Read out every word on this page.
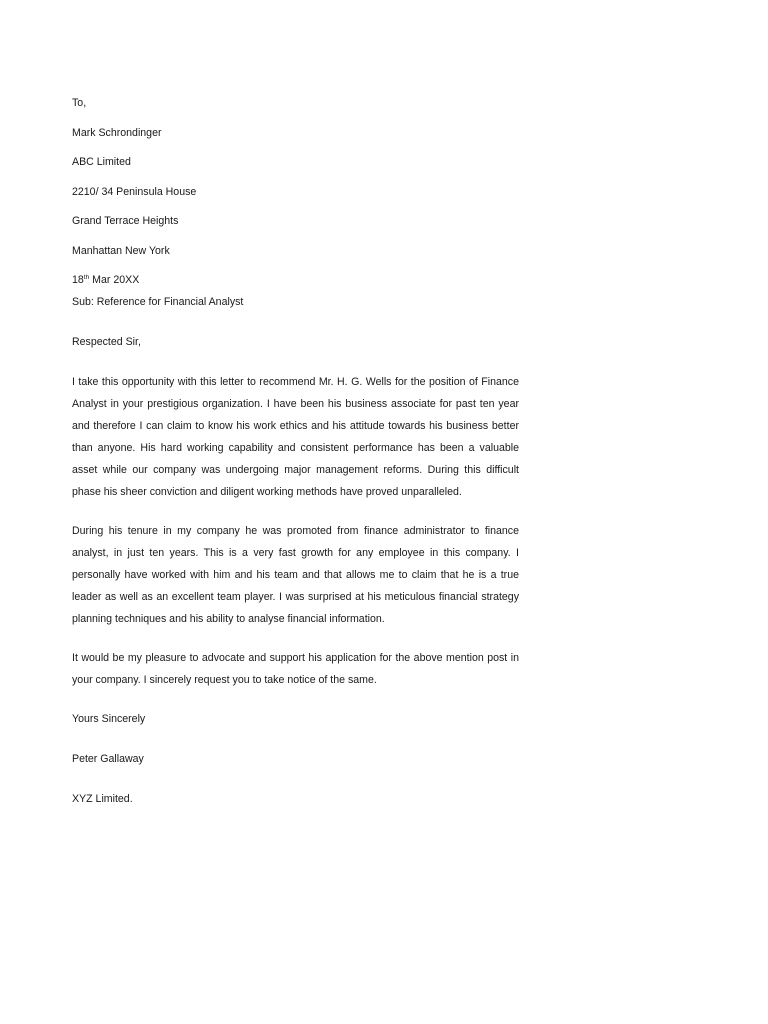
To,

Mark Schrondinger

ABC Limited

2210/ 34 Peninsula House

Grand Terrace Heights

Manhattan New York

18th Mar 20XX

Sub: Reference for Financial Analyst

Respected Sir,

I take this opportunity with this letter to recommend Mr. H. G. Wells for the position of Finance Analyst in your prestigious organization. I have been his business associate for past ten year and therefore I can claim to know his work ethics and his attitude towards his business better than anyone. His hard working capability and consistent performance has been a valuable asset while our company was undergoing major management reforms. During this difficult phase his sheer conviction and diligent working methods have proved unparalleled.

During his tenure in my company he was promoted from finance administrator to finance analyst, in just ten years. This is a very fast growth for any employee in this company. I personally have worked with him and his team and that allows me to claim that he is a true leader as well as an excellent team player. I was surprised at his meticulous financial strategy planning techniques and his ability to analyse financial information.

It would be my pleasure to advocate and support his application for the above mention post in your company. I sincerely request you to take notice of the same.

Yours Sincerely

Peter Gallaway

XYZ Limited.
